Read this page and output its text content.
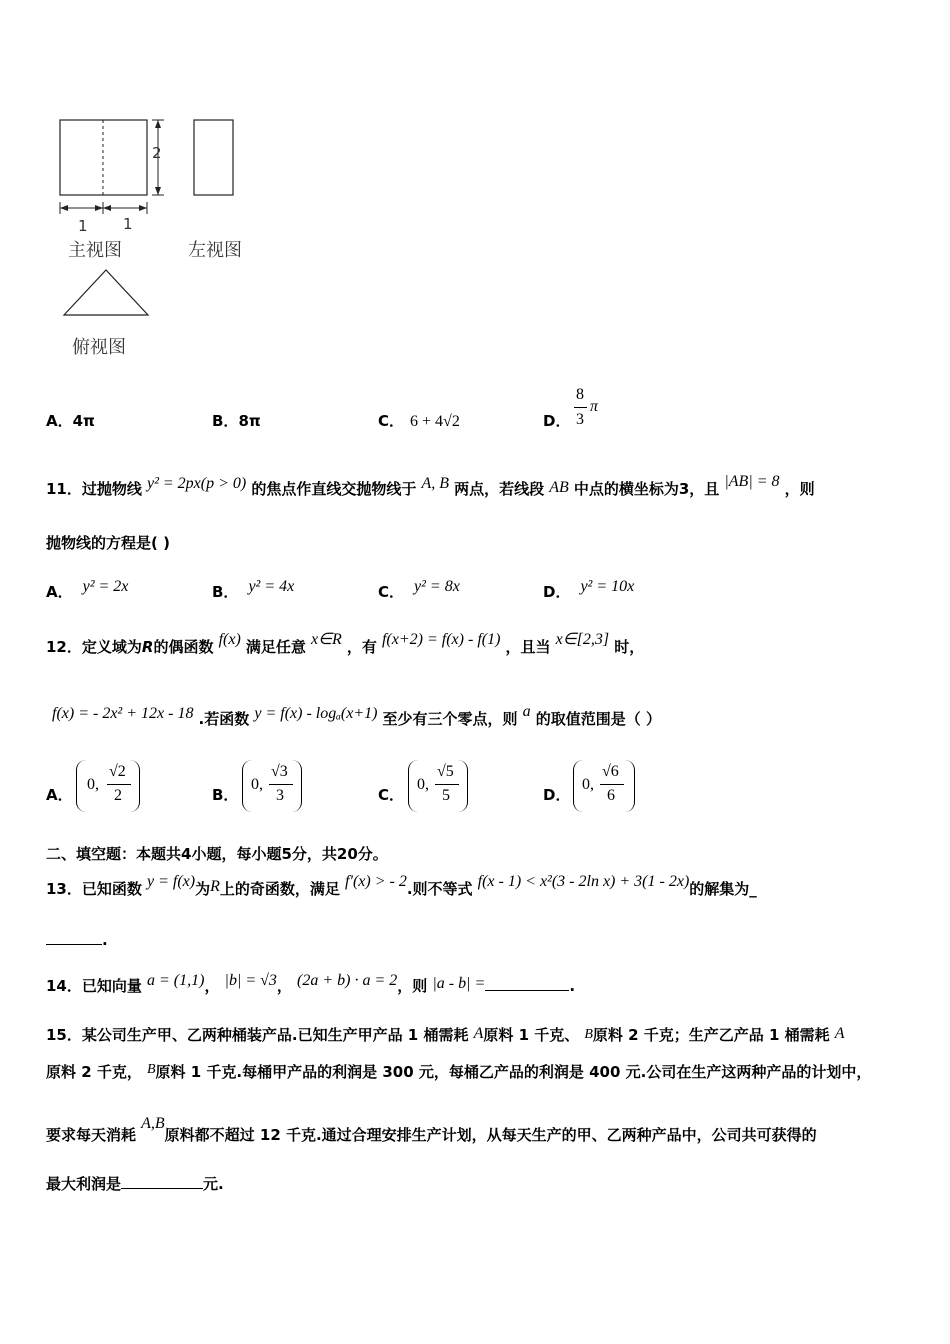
2
1 1
主视图	左视图
俯视图
A．4π	B．8π	C． 6 + 4√2	D．
8
3
π
11．过抛物线 y² = 2px(p > 0) 的焦点作直线交抛物线于 A, B 两点，若线段 AB 中点的横坐标为3，且 |AB| = 8 ，则
抛物线的方程是( )
A． y² = 2x	B． y² = 4x	C． y² = 8x	D． y² = 10x
12．定义域为R的偶函数 f(x) 满足任意 x∈R ，有 f(x+2) = f(x) - f(1) ，且当 x∈[2,3] 时，
f(x) = - 2x² + 12x - 18 .若函数 y = f(x) - logₐ(x+1) 至少有三个零点，则 a 的取值范围是（ ）
A．
0,
√2
2	B．
0,
√3
3	C．
0,
√5
5	D．
0,
√6
6
二、填空题：本题共4小题，每小题5分，共20分。
13．已知函数 y = f(x)为R上的奇函数，满足 f′(x) > - 2.则不等式 f(x - 1) < x²(3 - 2ln x) + 3(1 - 2x)的解集为_
.
14．已知向量 a = (1,1)， |b| = √3， (2a + b) · a = 2，则 |a - b| =	.
15．某公司生产甲、乙两种桶装产品.已知生产甲产品 1 桶需耗 A原料 1 千克、 B原料 2 千克；生产乙产品 1 桶需耗 A
原料 2 千克， B原料 1 千克.每桶甲产品的利润是 300 元，每桶乙产品的利润是 400 元.公司在生产这两种产品的计划中，
要求每天消耗 A,B原料都不超过 12 千克.通过合理安排生产计划，从每天生产的甲、乙两种产品中，公司共可获得的
最大利润是	元.
